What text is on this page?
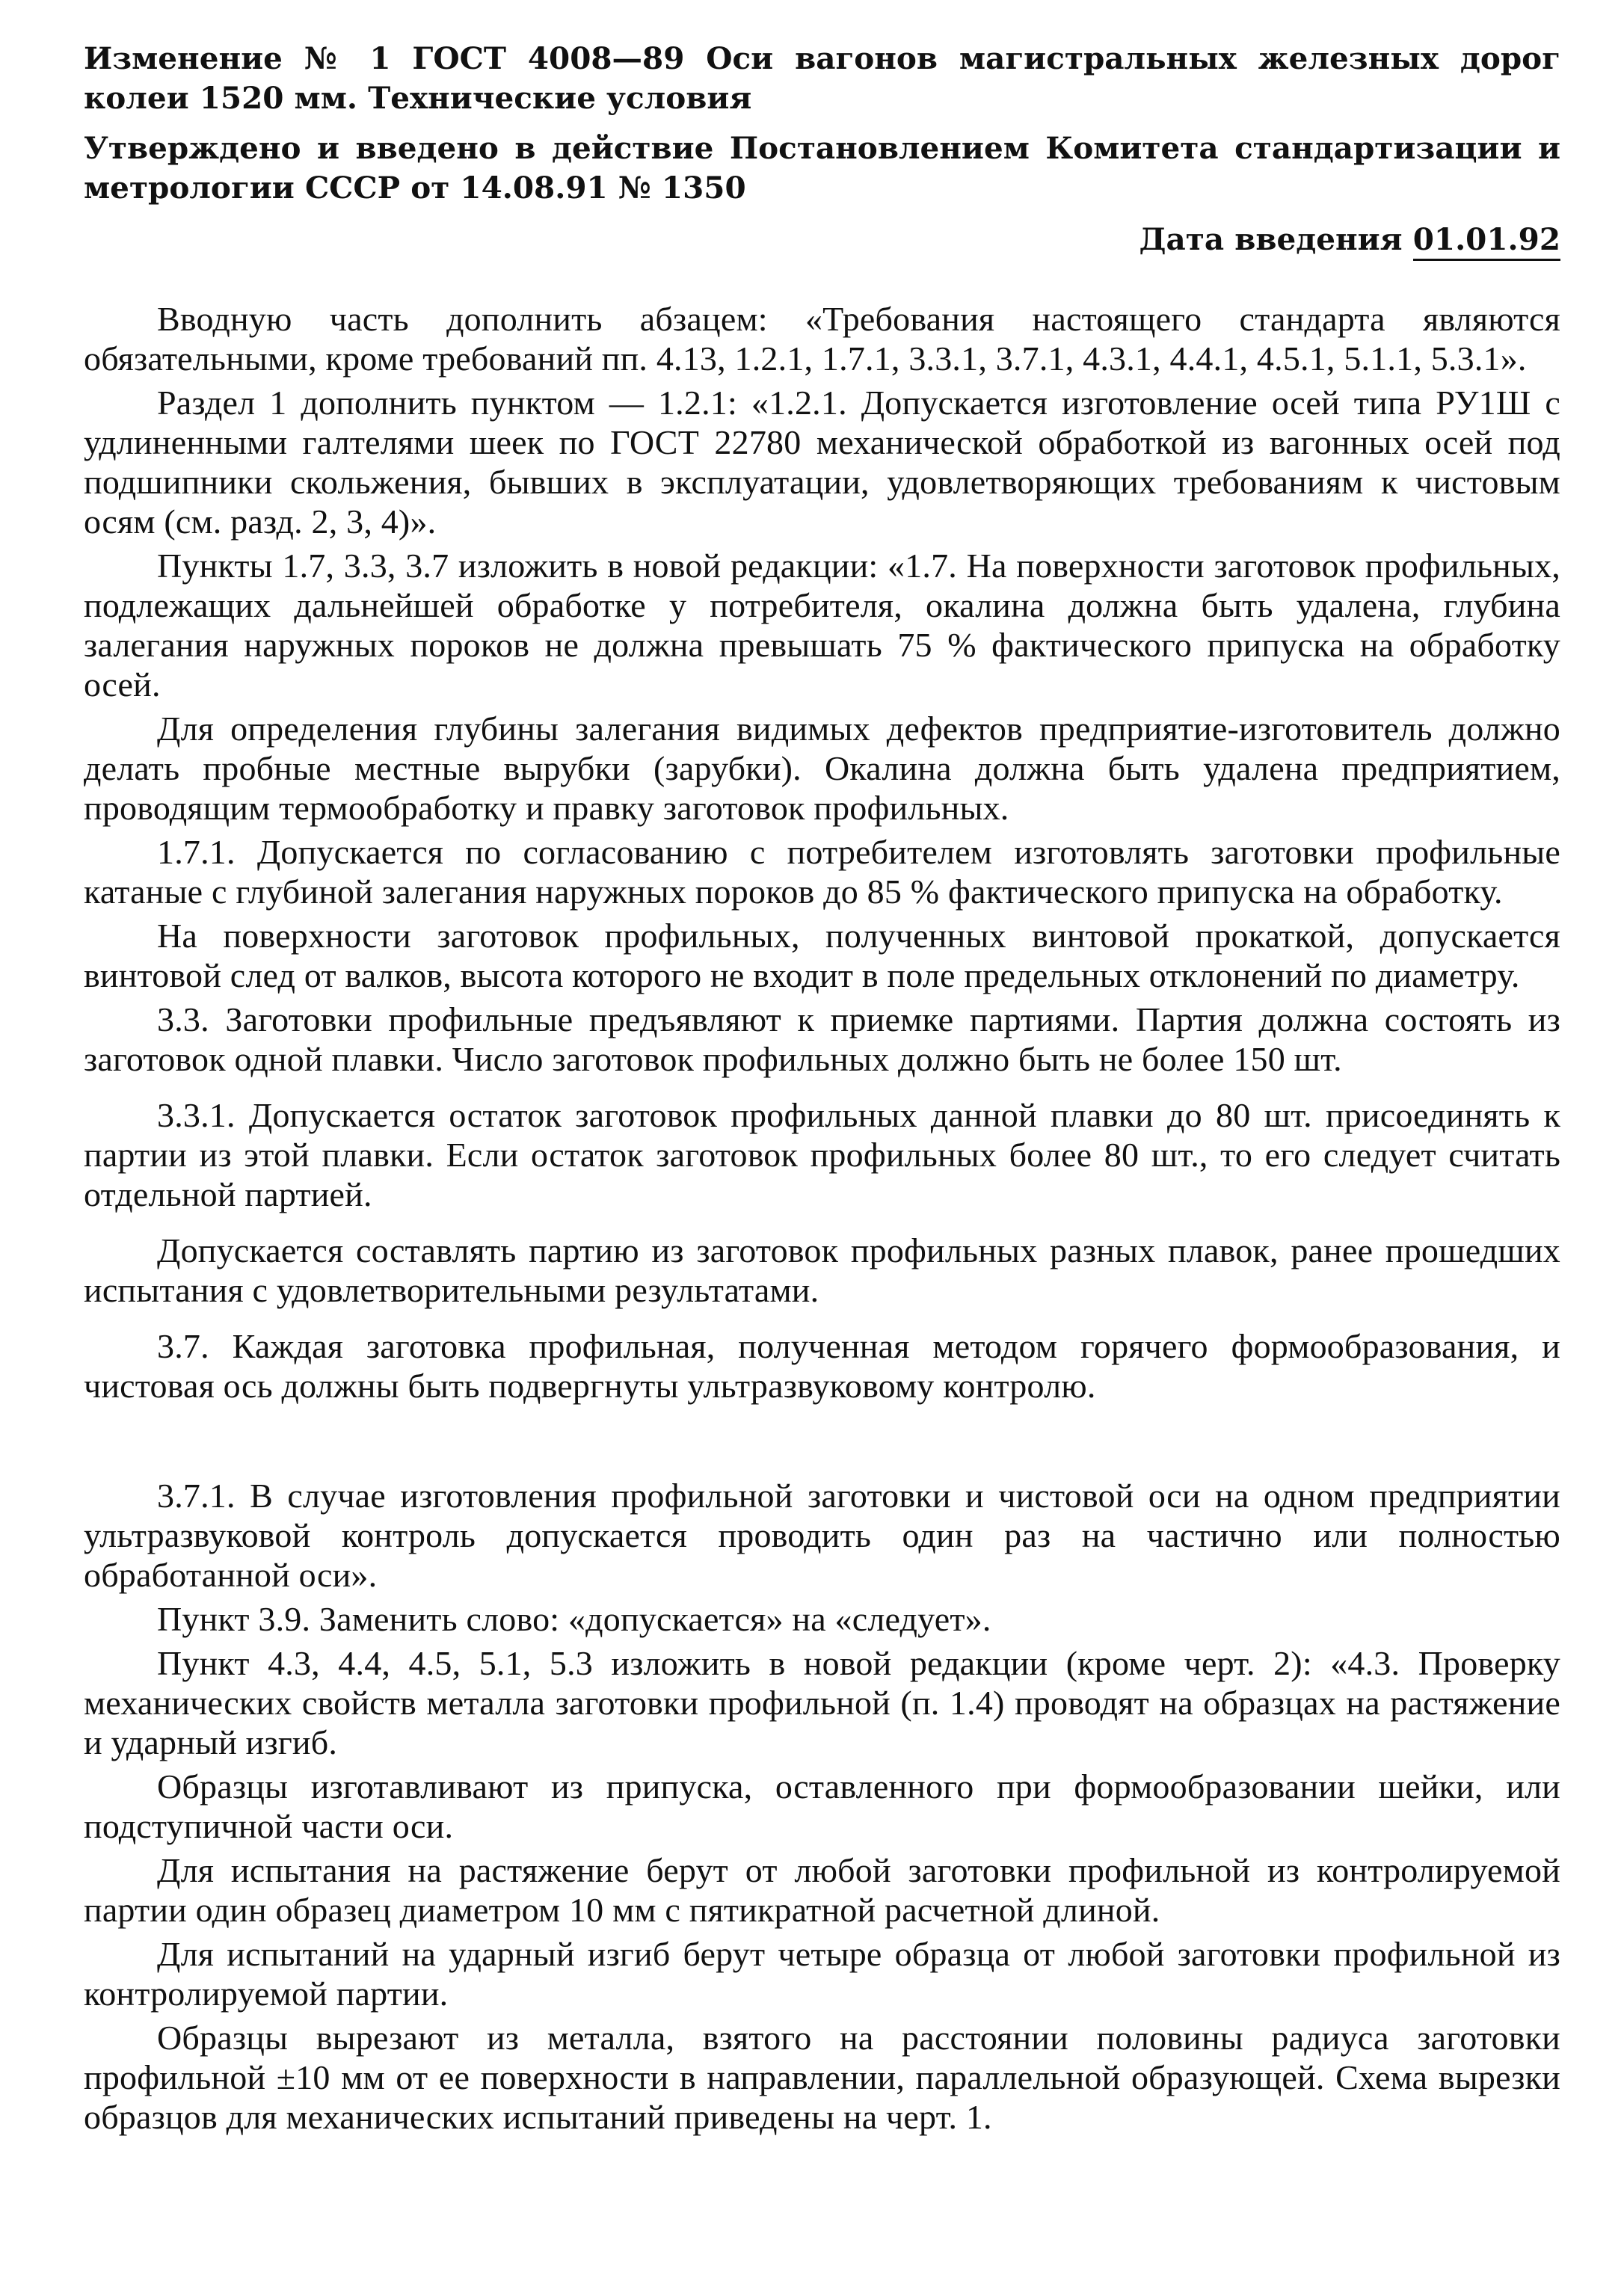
Изменение № 1 ГОСТ 4008—89 Оси вагонов магистральных железных дорог колеи 1520 мм. Технические условия

Утверждено и введено в действие Постановлением Комитета стандартизации и метрологии СССР от 14.08.91 № 1350

Дата введения 01.01.92

Вводную часть дополнить абзацем: «Требования настоящего стандарта являются обязательными, кроме требований пп. 4.13, 1.2.1, 1.7.1, 3.3.1, 3.7.1, 4.3.1, 4.4.1, 4.5.1, 5.1.1, 5.3.1».

Раздел 1 дополнить пунктом — 1.2.1: «1.2.1. Допускается изготовление осей типа РУ1Ш с удлиненными галтелями шеек по ГОСТ 22780 механической обработкой из вагонных осей под подшипники скольжения, бывших в эксплуатации, удовлетворяющих требованиям к чистовым осям (см. разд. 2, 3, 4)».

Пункты 1.7, 3.3, 3.7 изложить в новой редакции: «1.7. На поверхности заготовок профильных, подлежащих дальнейшей обработке у потребителя, окалина должна быть удалена, глубина залегания наружных пороков не должна превышать 75 % фактического припуска на обработку осей.

Для определения глубины залегания видимых дефектов предприятие-изготовитель должно делать пробные местные вырубки (зарубки). Окалина должна быть удалена предприятием, проводящим термообработку и правку заготовок профильных.

1.7.1. Допускается по согласованию с потребителем изготовлять заготовки профильные катаные с глубиной залегания наружных пороков до 85 % фактического припуска на обработку.

На поверхности заготовок профильных, полученных винтовой прокаткой, допускается винтовой след от валков, высота которого не входит в поле предельных отклонений по диаметру.

3.3. Заготовки профильные предъявляют к приемке партиями. Партия должна состоять из заготовок одной плавки. Число заготовок профильных должно быть не более 150 шт.

3.3.1. Допускается остаток заготовок профильных данной плавки до 80 шт. присоединять к партии из этой плавки. Если остаток заготовок профильных более 80 шт., то его следует считать отдельной партией.

Допускается составлять партию из заготовок профильных разных плавок, ранее прошедших испытания с удовлетворительными результатами.

3.7. Каждая заготовка профильная, полученная методом горячего формообразования, и чистовая ось должны быть подвергнуты ультразвуковому контролю.

3.7.1. В случае изготовления профильной заготовки и чистовой оси на одном предприятии ультразвуковой контроль допускается проводить один раз на частично или полностью обработанной оси».

Пункт 3.9. Заменить слово: «допускается» на «следует».

Пункт 4.3, 4.4, 4.5, 5.1, 5.3 изложить в новой редакции (кроме черт. 2): «4.3. Проверку механических свойств металла заготовки профильной (п. 1.4) проводят на образцах на растяжение и ударный изгиб.

Образцы изготавливают из припуска, оставленного при формообразовании шейки, или подступичной части оси.

Для испытания на растяжение берут от любой заготовки профильной из контролируемой партии один образец диаметром 10 мм с пятикратной расчетной длиной.

Для испытаний на ударный изгиб берут четыре образца от любой заготовки профильной из контролируемой партии.

Образцы вырезают из металла, взятого на расстоянии половины радиуса заготовки профильной ±10 мм от ее поверхности в направлении, параллельной образующей. Схема вырезки образцов для механических испытаний приведены на черт. 1.
